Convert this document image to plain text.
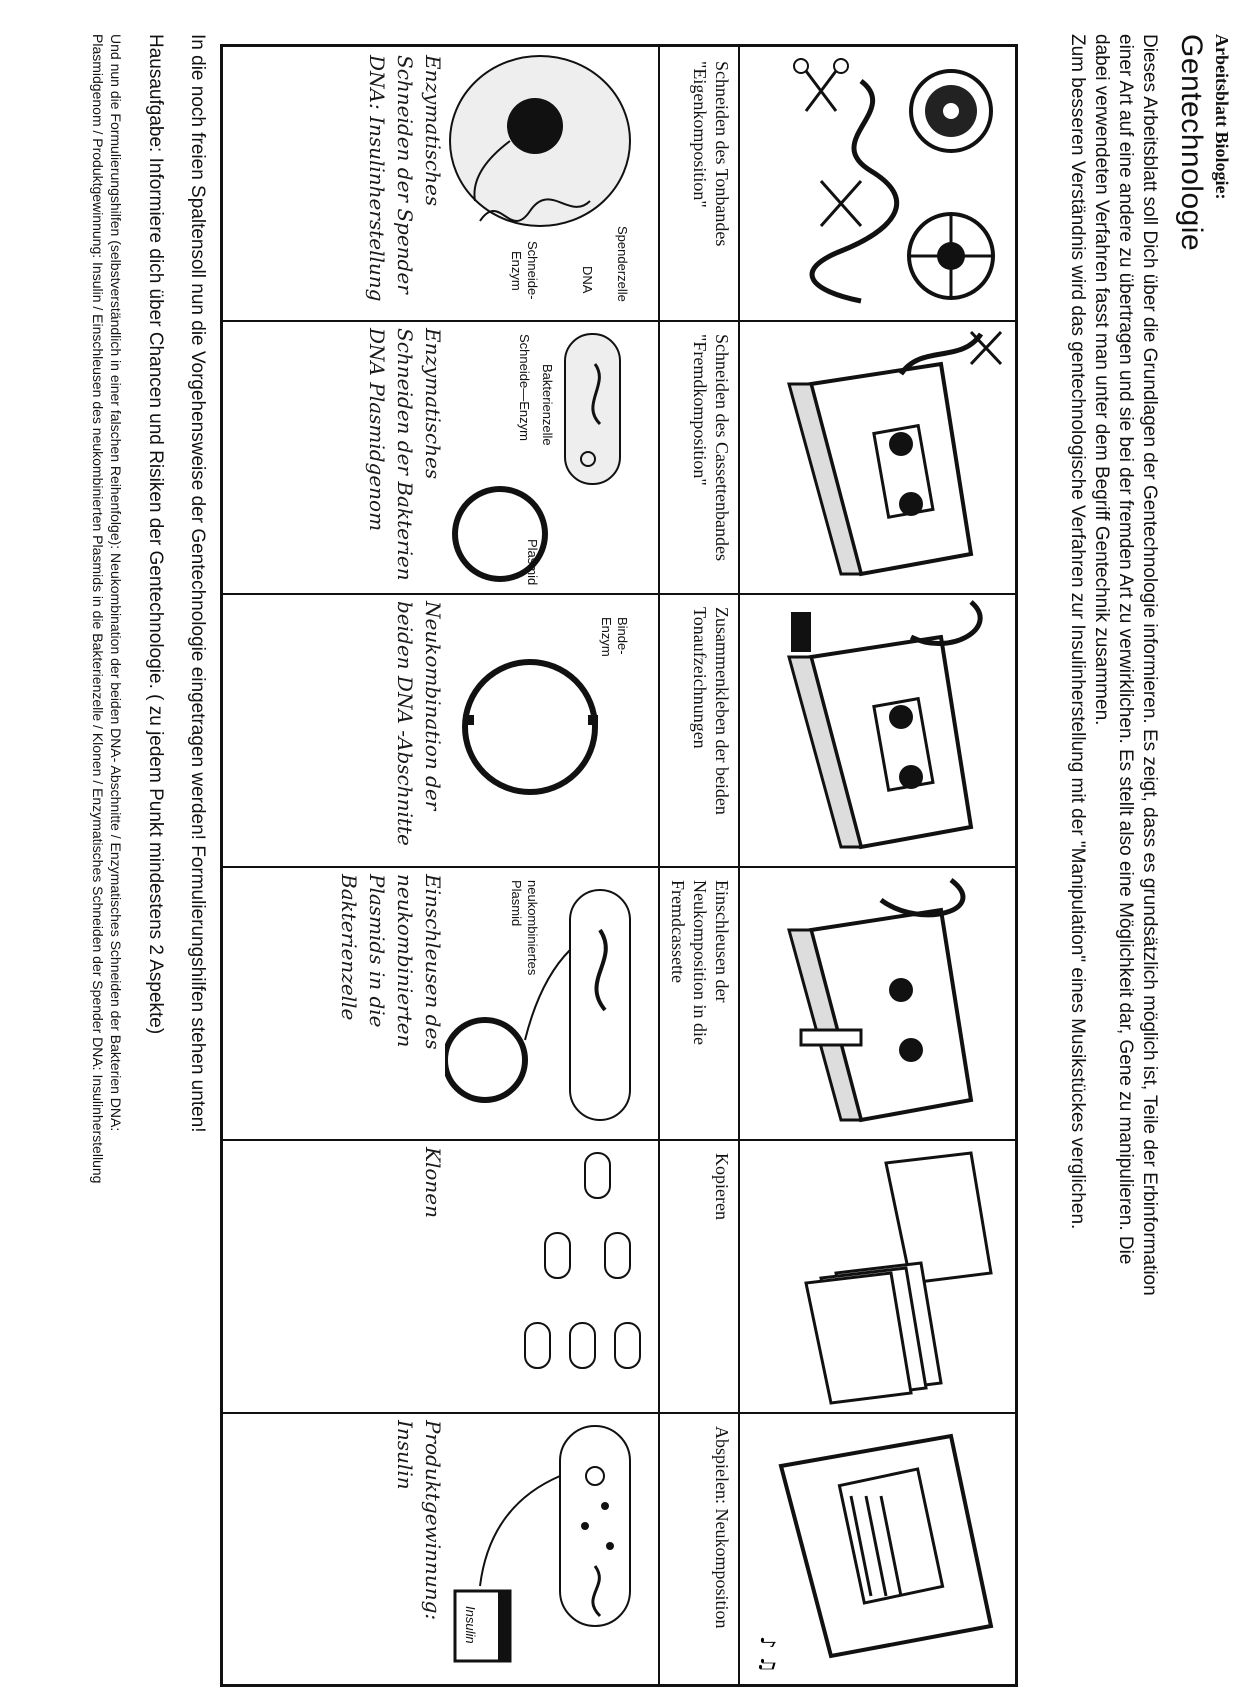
Arbeitsblatt Biologie:
Gentechnologie
Dieses Arbeitsblatt soll Dich über die Grundlagen der Gentechnologie informieren. Es zeigt, dass es grundsätzlich möglich ist, Teile der Erbinformation
einer Art auf eine andere zu übertragen und sie bei der fremden Art zu verwirklichen. Es stellt also eine Möglichkeit dar, Gene zu manipulieren. Die
dabei verwendeten Verfahren fasst man unter dem Begriff Gentechnik zusammen.
Zum besseren Verständnis wird das gentechnologische Verfahren zur Insulinherstellung mit der "Manipulation" eines Musikstückes verglichen.
Schneiden des Tonbandes "Eigenkomposition"
Spenderzelle
DNA
Schneide-
Enzym
Enzymatisches Schneiden der Spender DNA: Insulinherstellung
Schneiden des Cassettenbandes "Fremdkomposition"
Bakterienzelle
Schneide—Enzym
Plasmid
Enzymatisches Schneiden der Bakterien DNA Plasmidgenom
Zusammenkleben der beiden Tonaufzeichnungen
Binde-
Enzym
Neukombination der beiden DNA -Abschnitte
Einschleusen der Neukomposition in die Fremdcassette
neukombiniertes
Plasmid
Einschleusen des neukombinierten Plasmids in die Bakterienzelle
Kopieren
Klonen
♪ ♫
Abspielen: Neukomposition
Insulin
Produktgewinnung: Insulin
In die noch freien Spaltensoll nun die Vorgehensweise der Gentechnologie eingetragen werden! Formulierungshilfen stehen unten!
Hausaufgabe: Informiere dich über Chancen und Risiken der Gentechnologie. ( zu jedem Punkt mindestens 2 Aspekte)
Und nun die Formulierungshilfen (selbstverständlich in einer falschen Reihenfolge): Neukombination der beiden DNA- Abschnitte / Enzymatisches Schneiden der Bakterien DNA:
Plasmidgenom / Produktgewinnung: Insulin / Einschleusen des neukombinierten Plasmids in die Bakterienzelle / Klonen / Enzymatisches Schneiden der Spender DNA: Insulinherstellung
